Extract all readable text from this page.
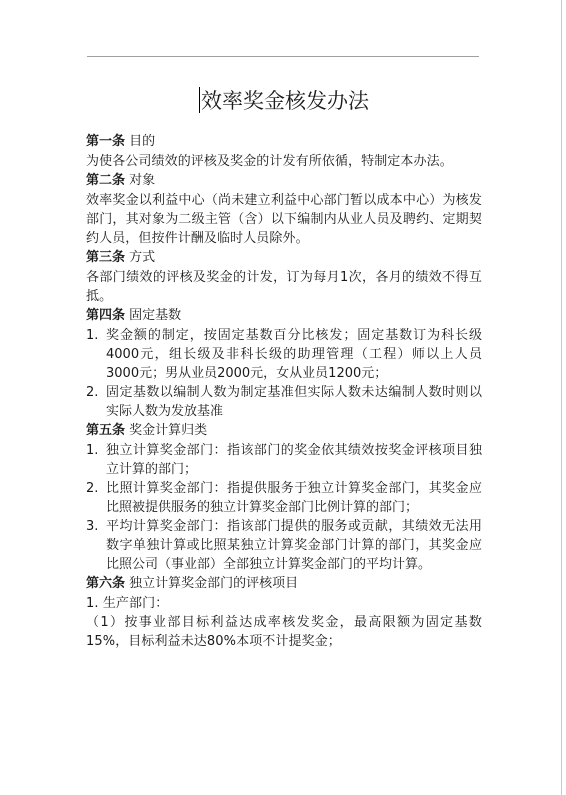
效率奖金核发办法

第一条 目的

为使各公司绩效的评核及奖金的计发有所依循，特制定本办法。

第二条 对象

效率奖金以利益中心（尚未建立利益中心部门暂以成本中心）为核发部门，其对象为二级主管（含）以下编制内从业人员及聘约、定期契约人员，但按件计酬及临时人员除外。

第三条 方式

各部门绩效的评核及奖金的计发，订为每月1次，各月的绩效不得互抵。

第四条 固定基数

1. 奖金额的制定，按固定基数百分比核发；固定基数订为科长级4000元，组长级及非科长级的助理管理（工程）师以上人员3000元；男从业员2000元，女从业员1200元；
2. 固定基数以编制人数为制定基准但实际人数未达编制人数时则以实际人数为发放基准

第五条 奖金计算归类

1. 独立计算奖金部门：指该部门的奖金依其绩效按奖金评核项目独立计算的部门；
2. 比照计算奖金部门：指提供服务于独立计算奖金部门，其奖金应比照被提供服务的独立计算奖金部门比例计算的部门；
3. 平均计算奖金部门：指该部门提供的服务或贡献，其绩效无法用数字单独计算或比照某独立计算奖金部门计算的部门，其奖金应比照公司（事业部）全部独立计算奖金部门的平均计算。

第六条 独立计算奖金部门的评核项目

1. 生产部门：

（1）按事业部目标利益达成率核发奖金，最高限额为固定基数15%，目标利益未达80%本项不计提奖金；
